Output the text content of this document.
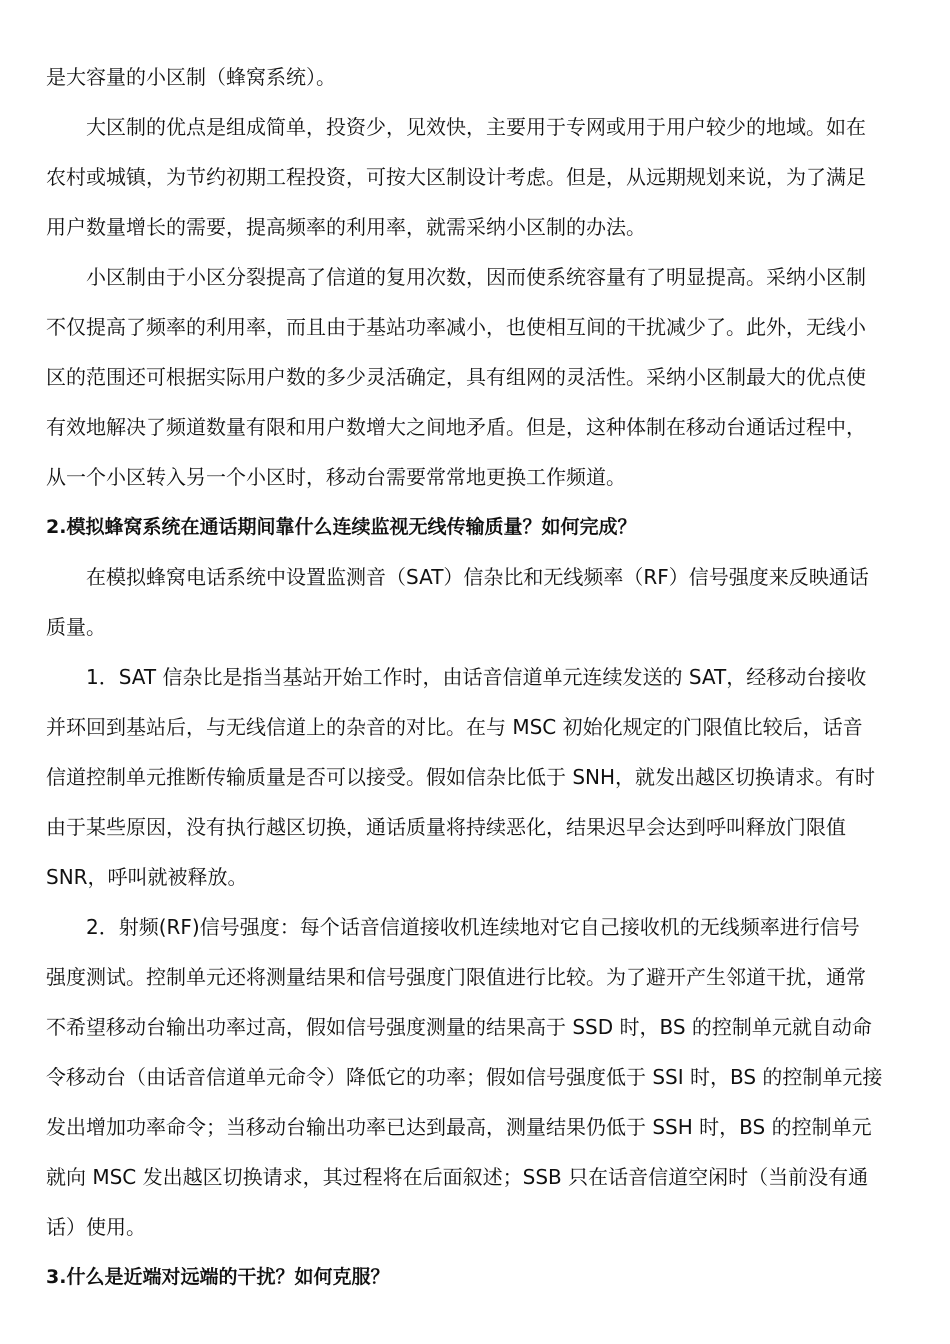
是大容量的小区制（蜂窝系统）。
大区制的优点是组成简单，投资少，见效快，主要用于专网或用于用户较少的地域。如在
农村或城镇，为节约初期工程投资，可按大区制设计考虑。但是，从远期规划来说，为了满足
用户数量增长的需要，提高频率的利用率，就需采纳小区制的办法。
小区制由于小区分裂提高了信道的复用次数，因而使系统容量有了明显提高。采纳小区制
不仅提高了频率的利用率，而且由于基站功率减小，也使相互间的干扰减少了。此外，无线小
区的范围还可根据实际用户数的多少灵活确定，具有组网的灵活性。采纳小区制最大的优点使
有效地解决了频道数量有限和用户数增大之间地矛盾。但是，这种体制在移动台通话过程中，
从一个小区转入另一个小区时，移动台需要常常地更换工作频道。
2.模拟蜂窝系统在通话期间靠什么连续监视无线传输质量？如何完成？
在模拟蜂窝电话系统中设置监测音（SAT）信杂比和无线频率（RF）信号强度来反映通话
质量。
1．SAT 信杂比是指当基站开始工作时，由话音信道单元连续发送的 SAT，经移动台接收
并环回到基站后，与无线信道上的杂音的对比。在与 MSC 初始化规定的门限值比较后，话音
信道控制单元推断传输质量是否可以接受。假如信杂比低于 SNH，就发出越区切换请求。有时
由于某些原因，没有执行越区切换，通话质量将持续恶化，结果迟早会达到呼叫释放门限值
SNR，呼叫就被释放。
2．射频(RF)信号强度：每个话音信道接收机连续地对它自己接收机的无线频率进行信号
强度测试。控制单元还将测量结果和信号强度门限值进行比较。为了避开产生邻道干扰，通常
不希望移动台输出功率过高，假如信号强度测量的结果高于 SSD 时，BS 的控制单元就自动命
令移动台（由话音信道单元命令）降低它的功率；假如信号强度低于 SSI 时，BS 的控制单元接
发出增加功率命令；当移动台输出功率已达到最高，测量结果仍低于 SSH 时，BS 的控制单元
就向 MSC 发出越区切换请求，其过程将在后面叙述；SSB 只在话音信道空闲时（当前没有通
话）使用。
3.什么是近端对远端的干扰？如何克服？
